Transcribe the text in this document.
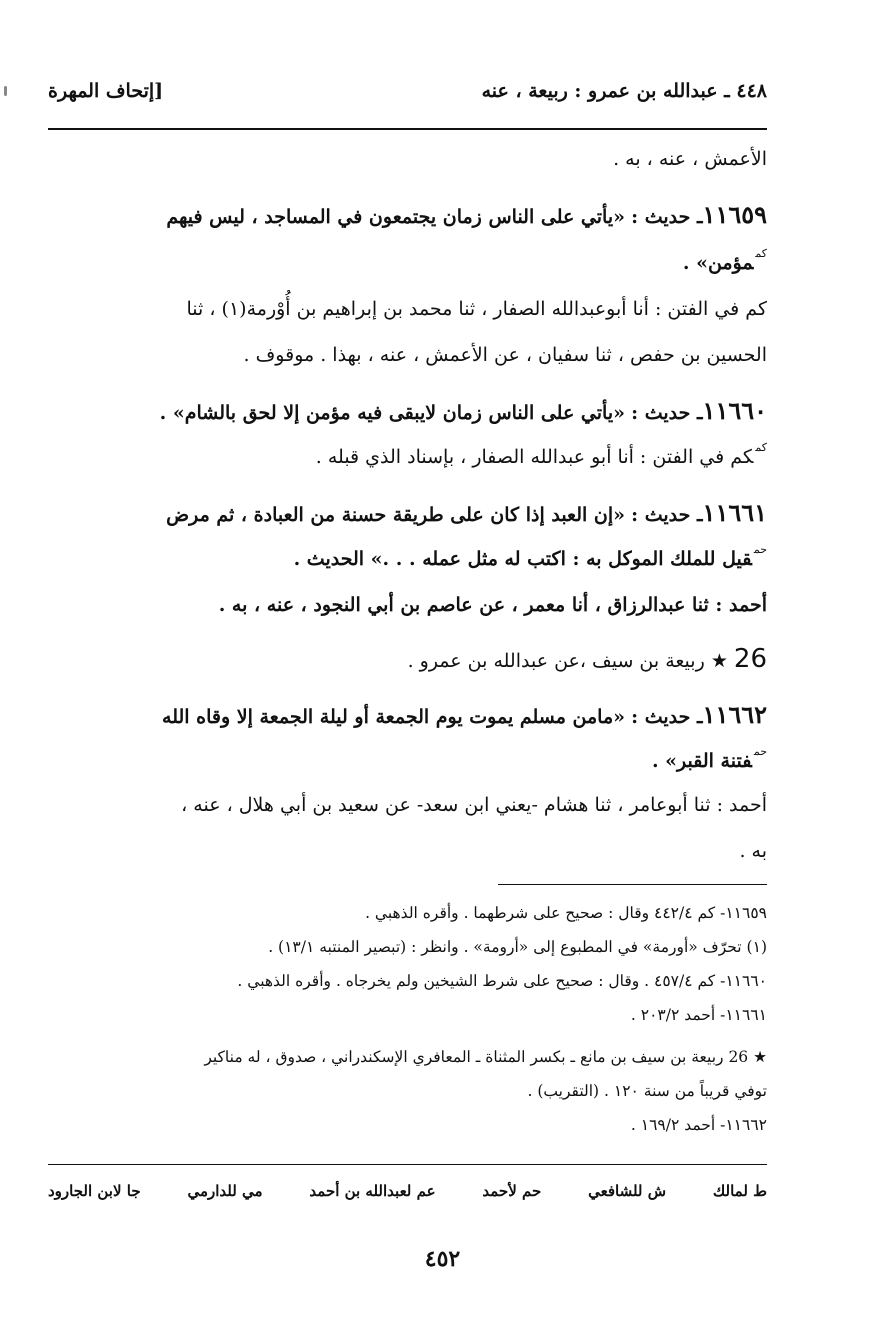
٤٤٨ ـ عبدالله بن عمرو : ربيعة ، عنه
[إتحاف المهرة
الأعمش ، عنه ، به .
١١٦٥٩ـ حديث : «يأتي على الناس زمان يجتمعون في المساجد ، ليس فيهم
$^{كم}$مؤمن» .
كم في الفتن : أنا أبوعبدالله الصفار ، ثنا محمد بن إبراهيم بن أُوْرمة(١) ، ثنا
الحسين بن حفص ، ثنا سفيان ، عن الأعمش ، عنه ، بهذا . موقوف .
١١٦٦٠ـ حديث : «يأتي على الناس زمان لايبقى فيه مؤمن إلا لحق بالشام» .
$^{كم}$كم في الفتن : أنا أبو عبدالله الصفار ، بإسناد الذي قبله .
١١٦٦١ـ حديث : «إن العبد إذا كان على طريقة حسنة من العبادة ، ثم مرض
$^{حم}$قيل للملك الموكل به : اكتب له مثل عمله . . .» الحديث .
أحمد : ثنا عبدالرزاق ، أنا معمر ، عن عاصم بن أبي النجود ، عنه ، به .
26 ★ ربيعة بن سيف ،عن عبدالله بن عمرو .
١١٦٦٢ـ حديث : «مامن مسلم يموت يوم الجمعة أو ليلة الجمعة إلا وقاه الله
$^{حم}$فتنة القبر» .
أحمد : ثنا أبوعامر ، ثنا هشام -يعني ابن سعد- عن سعيد بن أبي هلال ، عنه ،
به .
١١٦٥٩- كم ٤٤٢/٤ وقال : صحيح على شرطهما . وأقره الذهبي .
(١) تحرّف «أورمة» في المطبوع إلى «أرومة» . وانظر : (تبصير المنتبه ١٣/١) .
١١٦٦٠- كم ٤٥٧/٤ . وقال : صحيح على شرط الشيخين ولم يخرجاه . وأقره الذهبي .
١١٦٦١- أحمد ٢٠٣/٢ .
★ 26 ربيعة بن سيف بن مانع ـ بكسر المثناة ـ المعافري الإسكندراني ، صدوق ، له مناكير
توفي قريباً من سنة ١٢٠ . (التقريب) .
١١٦٦٢- أحمد ١٦٩/٢ .
ط لمالك
ش للشافعي
حم لأحمد
عم لعبدالله بن أحمد
مي للدارمي
جا لابن الجارود
٤٥٢
